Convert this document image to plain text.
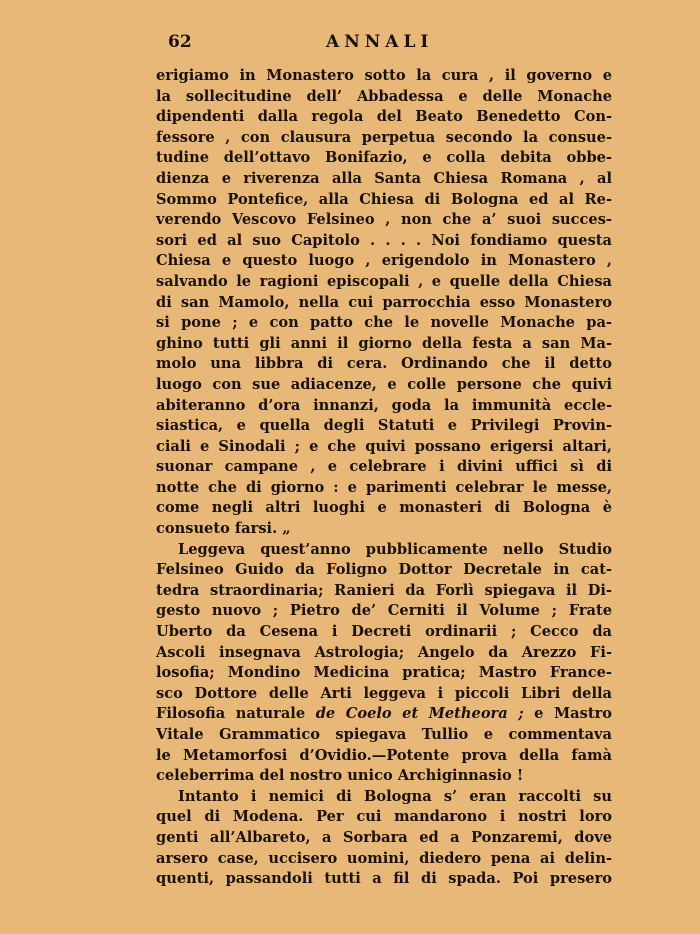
62	ANNALI
erigiamo in Monastero sotto la cura , il governo e
la sollecitudine dell’ Abbadessa e delle Monache
dipendenti dalla regola del Beato Benedetto Con-
fessore , con clausura perpetua secondo la consue-
tudine dell’ottavo Bonifazio, e colla debita obbe-
dienza e riverenza alla Santa Chiesa Romana , al
Sommo Pontefice, alla Chiesa di Bologna ed al Re-
verendo Vescovo Felsineo , non che a’ suoi succes-
sori ed al suo Capitolo . . . . Noi fondiamo questa
Chiesa e questo luogo , erigendolo in Monastero ,
salvando le ragioni episcopali , e quelle della Chiesa
di san Mamolo, nella cui parrocchia esso Monastero
si pone ; e con patto che le novelle Monache pa-
ghino tutti gli anni il giorno della festa a san Ma-
molo una libbra di cera. Ordinando che il detto
luogo con sue adiacenze, e colle persone che quivi
abiteranno d’ora innanzi, goda la immunità eccle-
siastica, e quella degli Statuti e Privilegi Provin-
ciali e Sinodali ; e che quivi possano erigersi altari,
suonar campane , e celebrare i divini uffici sì di
notte che di giorno : e parimenti celebrar le messe,
come negli altri luoghi e monasteri di Bologna è
consueto farsi. „
Leggeva quest’anno pubblicamente nello Studio
Felsineo Guido da Foligno Dottor Decretale in cat-
tedra straordinaria; Ranieri da Forlì spiegava il Di-
gesto nuovo ; Pietro de’ Cerniti il Volume ; Frate
Uberto da Cesena i Decreti ordinarii ; Cecco da
Ascoli insegnava Astrologia; Angelo da Arezzo Fi-
losofia; Mondino Medicina pratica; Mastro France-
sco Dottore delle Arti leggeva i piccoli Libri della
Filosofia naturale de Coelo et Metheora ; e Mastro
Vitale Grammatico spiegava Tullio e commentava
le Metamorfosi d’Ovidio.—Potente prova della famà
celeberrima del nostro unico Archiginnasio !
Intanto i nemici di Bologna s’ eran raccolti su
quel di Modena. Per cui mandarono i nostri loro
genti all’Albareto, a Sorbara ed a Ponzaremi, dove
arsero case, uccisero uomini, diedero pena ai delin-
quenti, passandoli tutti a fil di spada. Poi presero
